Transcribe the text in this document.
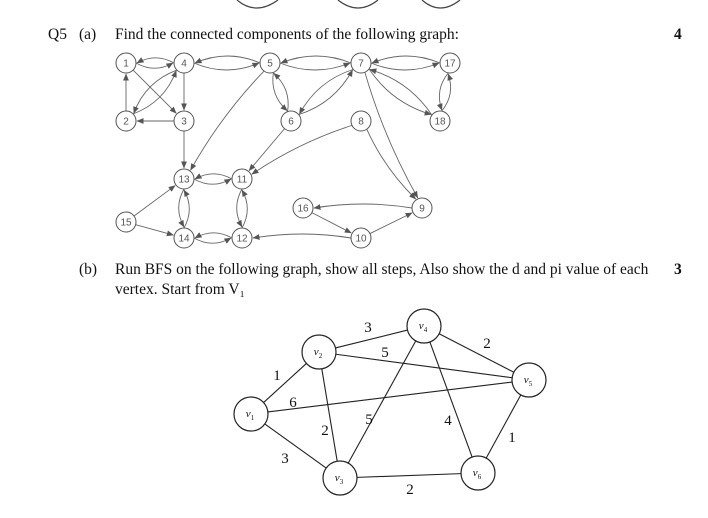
Q5 (a) Find the connected components of the following graph:	4
(b) Run BFS on the following graph, show all steps, Also show the d and pi value of each 3
vertex. Start from V₁
1
2	3
4	5
6
7
8
9
10
11
12
13
14
15
16
17
18
1
3
6
2
3
5
5
2
2
4
1
$v_1$
$v_2$
$v_3$
$v_4$
$v_5$
$v_6$
